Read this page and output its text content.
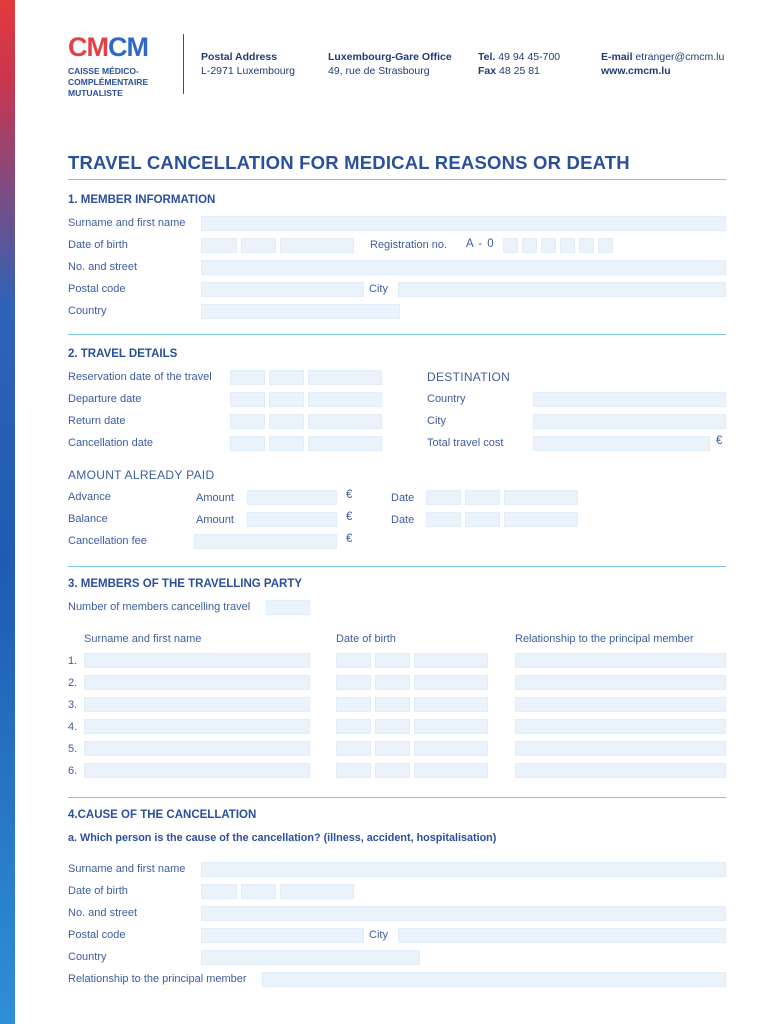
CMCM
CAISSE MÉDICO-
COMPLÉMENTAIRE
MUTUALISTE
Postal Address
L-2971 Luxembourg
Luxembourg-Gare Office
49, rue de Strasbourg
Tel. 49 94 45-700
Fax 48 25 81
E-mail etranger@cmcm.lu
www.cmcm.lu
TRAVEL CANCELLATION FOR MEDICAL REASONS OR DEATH
1. MEMBER INFORMATION
Surname and first name
Date of birth	Registration no. A - 0
No. and street
Postal code	City
Country
2. TRAVEL DETAILS
Reservation date of the travel
Departure date
Return date
Cancellation date
DESTINATION
Country
City
Total travel cost	€
AMOUNT ALREADY PAID
Advance	Amount	€	Date
Balance	Amount	€	Date
Cancellation fee	€
3. MEMBERS OF THE TRAVELLING PARTY
Number of members cancelling travel
Surname and first name	Date of birth	Relationship to the principal member
1.
2.
3.
4.
5.
6.
4.CAUSE OF THE CANCELLATION
a. Which person is the cause of the cancellation? (illness, accident, hospitalisation)
Surname and first name
Date of birth
No. and street
Postal code	City
Country
Relationship to the principal member
